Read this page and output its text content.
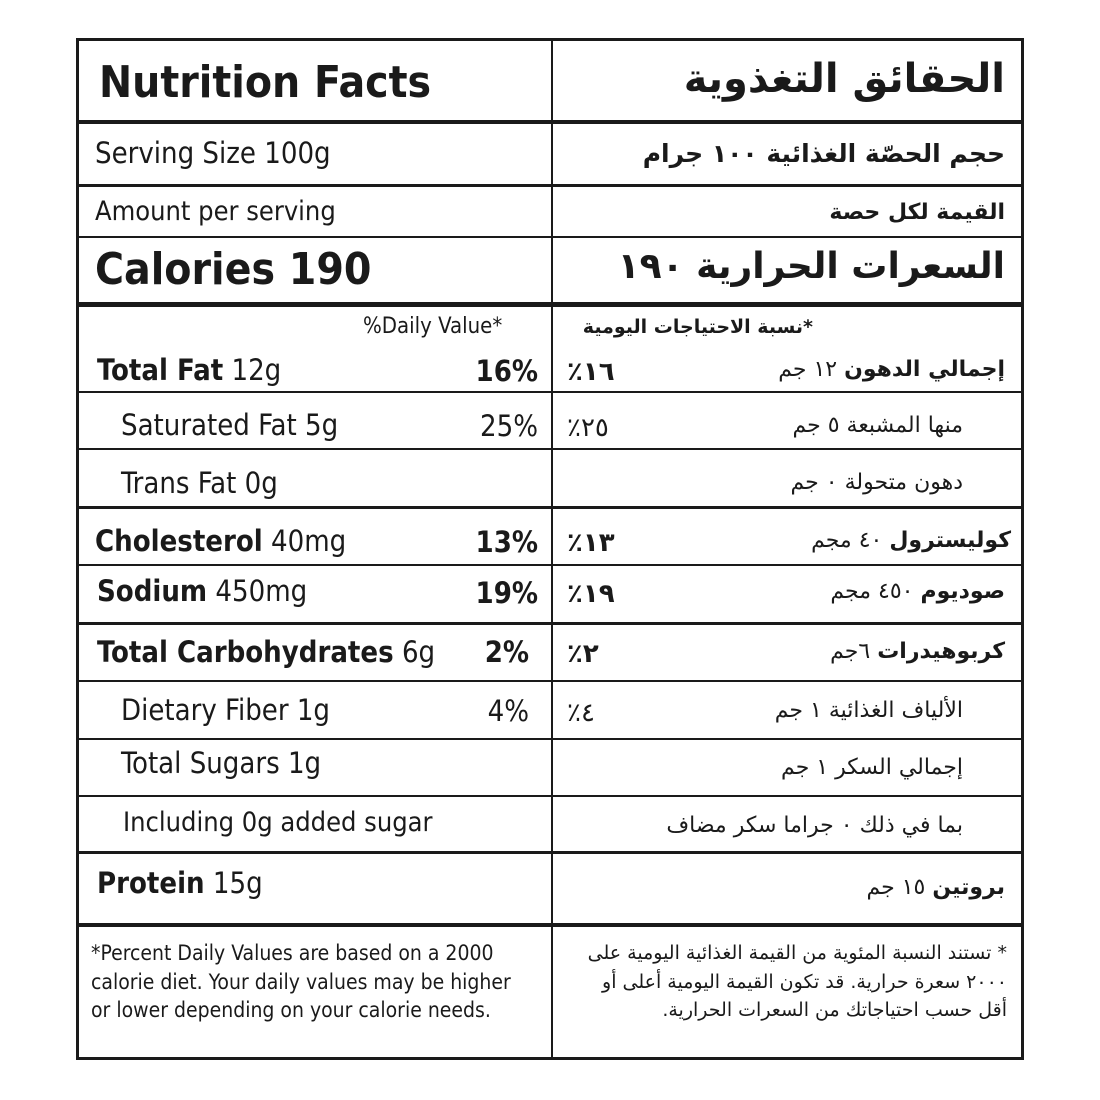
Nutrition Facts	الحقائق التغذوية
Serving Size 100g	حجم الحصّة الغذائية ١٠٠ جرام
Amount per serving	القيمة لكل حصة
Calories 190	السعرات الحرارية ١٩٠
%Daily Value*	*نسبة الاحتياجات اليومية
Total Fat 12g	16% ٪١٦	إجمالي الدهون ١٢ جم
Saturated Fat 5g	25% ٪٢٥	منها المشبعة ٥ جم
Trans Fat 0g	دهون متحولة ٠ جم
Cholesterol 40mg	13% ٪١٣	كوليسترول ٤٠ مجم
Sodium 450mg	19% ٪١٩	صوديوم ٤٥٠ مجم
Total Carbohydrates 6g	2% ٪٢	كربوهيدرات ٦جم
Dietary Fiber 1g	4% ٪٤	الألياف الغذائية ١ جم
Total Sugars 1g	إجمالي السكر ١ جم
Including 0g added sugar	بما في ذلك ٠ جراما سكر مضاف
Protein 15g	بروتين ١٥ جم
*Percent Daily Values are based on a 2000 calorie diet. Your daily values may be higher or lower depending on your calorie needs.
* تستند النسبة المئوية من القيمة الغذائية اليومية على ٢٠٠٠ سعرة حرارية. قد تكون القيمة اليومية أعلى أو أقل حسب احتياجاتك من السعرات الحرارية.
